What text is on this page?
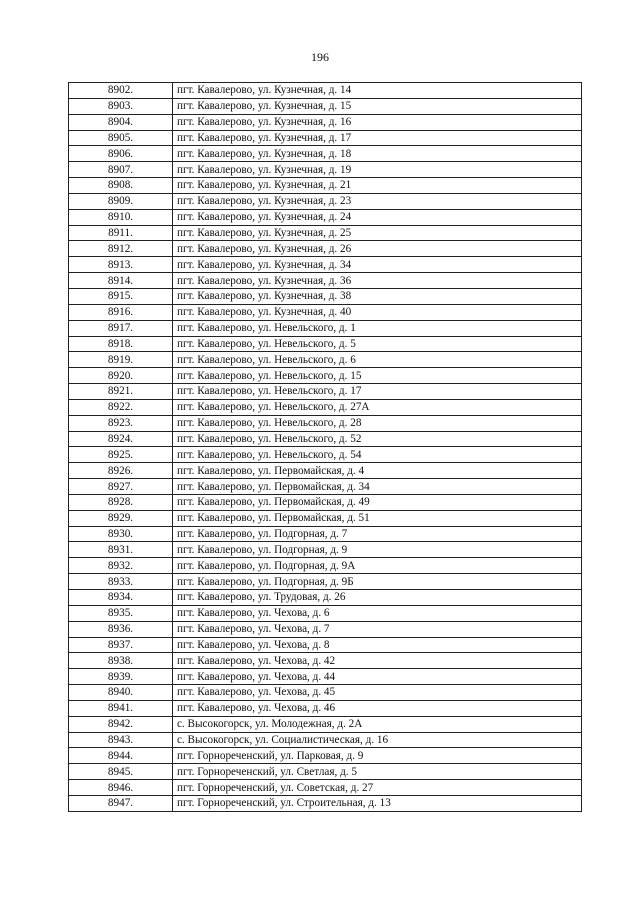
196
8902.	пгт. Кавалерово, ул. Кузнечная, д. 14
8903.	пгт. Кавалерово, ул. Кузнечная, д. 15
8904.	пгт. Кавалерово, ул. Кузнечная, д. 16
8905.	пгт. Кавалерово, ул. Кузнечная, д. 17
8906.	пгт. Кавалерово, ул. Кузнечная, д. 18
8907.	пгт. Кавалерово, ул. Кузнечная, д. 19
8908.	пгт. Кавалерово, ул. Кузнечная, д. 21
8909.	пгт. Кавалерово, ул. Кузнечная, д. 23
8910.	пгт. Кавалерово, ул. Кузнечная, д. 24
8911.	пгт. Кавалерово, ул. Кузнечная, д. 25
8912.	пгт. Кавалерово, ул. Кузнечная, д. 26
8913.	пгт. Кавалерово, ул. Кузнечная, д. 34
8914.	пгт. Кавалерово, ул. Кузнечная, д. 36
8915.	пгт. Кавалерово, ул. Кузнечная, д. 38
8916.	пгт. Кавалерово, ул. Кузнечная, д. 40
8917.	пгт. Кавалерово, ул. Невельского, д. 1
8918.	пгт. Кавалерово, ул. Невельского, д. 5
8919.	пгт. Кавалерово, ул. Невельского, д. 6
8920.	пгт. Кавалерово, ул. Невельского, д. 15
8921.	пгт. Кавалерово, ул. Невельского, д. 17
8922.	пгт. Кавалерово, ул. Невельского, д. 27А
8923.	пгт. Кавалерово, ул. Невельского, д. 28
8924.	пгт. Кавалерово, ул. Невельского, д. 52
8925.	пгт. Кавалерово, ул. Невельского, д. 54
8926.	пгт. Кавалерово, ул. Первомайская, д. 4
8927.	пгт. Кавалерово, ул. Первомайская, д. 34
8928.	пгт. Кавалерово, ул. Первомайская, д. 49
8929.	пгт. Кавалерово, ул. Первомайская, д. 51
8930.	пгт. Кавалерово, ул. Подгорная, д. 7
8931.	пгт. Кавалерово, ул. Подгорная, д. 9
8932.	пгт. Кавалерово, ул. Подгорная, д. 9А
8933.	пгт. Кавалерово, ул. Подгорная, д. 9Б
8934.	пгт. Кавалерово, ул. Трудовая, д. 26
8935.	пгт. Кавалерово, ул. Чехова, д. 6
8936.	пгт. Кавалерово, ул. Чехова, д. 7
8937.	пгт. Кавалерово, ул. Чехова, д. 8
8938.	пгт. Кавалерово, ул. Чехова, д. 42
8939.	пгт. Кавалерово, ул. Чехова, д. 44
8940.	пгт. Кавалерово, ул. Чехова, д. 45
8941.	пгт. Кавалерово, ул. Чехова, д. 46
8942.	с. Высокогорск, ул. Молодежная, д. 2А
8943.	с. Высокогорск, ул. Социалистическая, д. 16
8944.	пгт. Горнореченский, ул. Парковая, д. 9
8945.	пгт. Горнореченский, ул. Светлая, д. 5
8946.	пгт. Горнореченский, ул. Советская, д. 27
8947.	пгт. Горнореченский, ул. Строительная, д. 13
